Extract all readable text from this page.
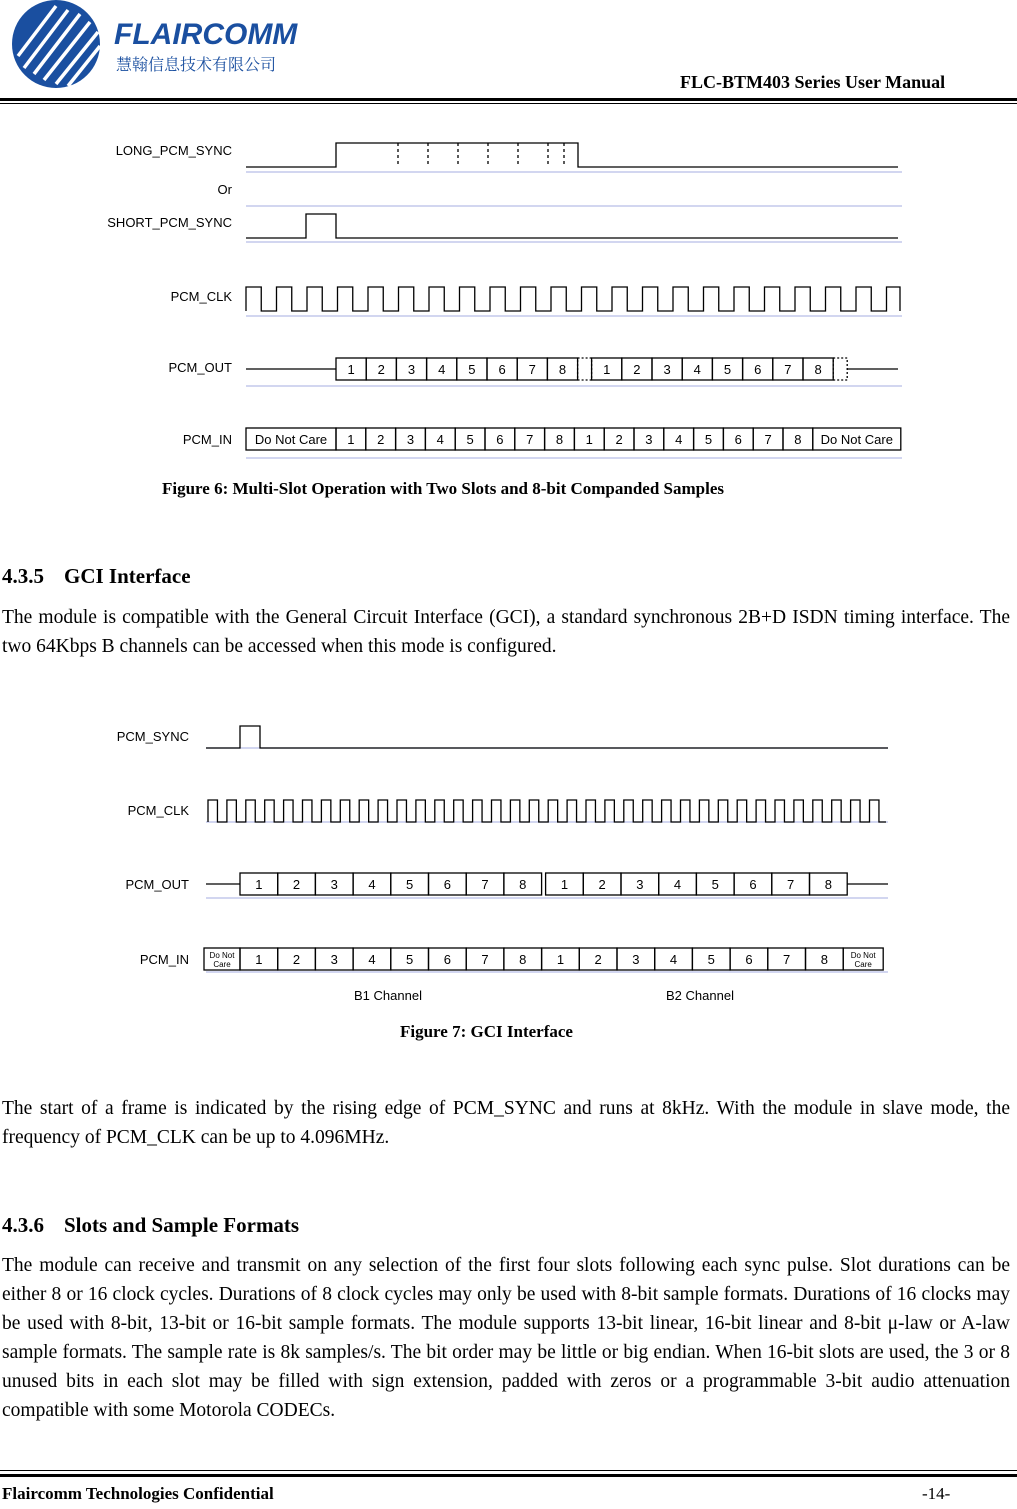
FLAIRCOMM
慧翰信息技术有限公司
FLC-BTM403 Series User Manual
LONG_PCM_SYNC
Or
SHORT_PCM_SYNC
PCM_CLK
PCM_OUT
PCM_IN
1 2 3 4 5 6 7 8	1 2 3 4 5 6 7 8
Do Not Care 1 2 3 4 5 6 7 8 1 2 3 4 5 6 7 8 Do Not Care
Figure 6: Multi-Slot Operation with Two Slots and 8-bit Companded Samples
4.3.5 GCI Interface
The module is compatible with the General Circuit Interface (GCI), a standard synchronous 2B+D ISDN timing interface. The two 64Kbps B channels can be accessed when this mode is configured.
PCM_SYNC
PCM_CLK
PCM_OUT
PCM_IN
1 2 3 4 5 6 7 8	1 2 3 4 5 6 7 8
Do Not
Care 1 2 3 4 5 6 7 8 1 2 3 4 5 6 7 8	Do Not
Care
B1 Channel	B2 Channel
Figure 7: GCI Interface
The start of a frame is indicated by the rising edge of PCM_SYNC and runs at 8kHz. With the module in slave mode, the frequency of PCM_CLK can be up to 4.096MHz.
4.3.6 Slots and Sample Formats
The module can receive and transmit on any selection of the first four slots following each sync pulse. Slot durations can be either 8 or 16 clock cycles. Durations of 8 clock cycles may only be used with 8-bit sample formats. Durations of 16 clocks may be used with 8-bit, 13-bit or 16-bit sample formats. The module supports 13-bit linear, 16-bit linear and 8-bit μ-law or A-law sample formats. The sample rate is 8k samples/s. The bit order may be little or big endian. When 16-bit slots are used, the 3 or 8 unused bits in each slot may be filled with sign extension, padded with zeros or a programmable 3-bit audio attenuation compatible with some Motorola CODECs.
Flaircomm Technologies Confidential	-14-
